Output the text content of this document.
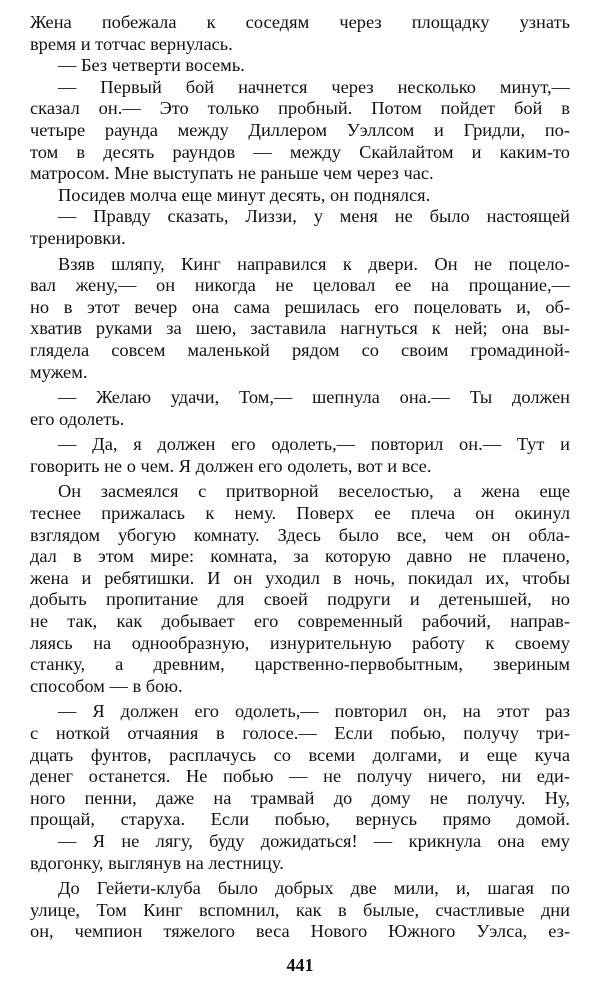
Жена побежала к соседям через площадку узнать
время и тотчас вернулась.
— Без четверти восемь.
— Первый бой начнется через несколько минут,—
сказал он.— Это только пробный. Потом пойдет бой в
четыре раунда между Диллером Уэллсом и Гридли, по-
том в десять раундов — между Скайлайтом и каким-то
матросом. Мне выступать не раньше чем через час.
Посидев молча еще минут десять, он поднялся.
— Правду сказать, Лиззи, у меня не было настоящей
тренировки.
Взяв шляпу, Кинг направился к двери. Он не поцело-
вал жену,— он никогда не целовал ее на прощание,—
но в этот вечер она сама решилась его поцеловать и, об-
хватив руками за шею, заставила нагнуться к ней; она вы-
глядела совсем маленькой рядом со своим громадиной-
мужем.
— Желаю удачи, Том,— шепнула она.— Ты должен
его одолеть.
— Да, я должен его одолеть,— повторил он.— Тут и
говорить не о чем. Я должен его одолеть, вот и все.
Он засмеялся с притворной веселостью, а жена еще
теснее прижалась к нему. Поверх ее плеча он окинул
взглядом убогую комнату. Здесь было все, чем он обла-
дал в этом мире: комната, за которую давно не плачено,
жена и ребятишки. И он уходил в ночь, покидал их, чтобы
добыть пропитание для своей подруги и детенышей, но
не так, как добывает его современный рабочий, направ-
ляясь на однообразную, изнурительную работу к своему
станку, а древним, царственно-первобытным, звериным
способом — в бою.
— Я должен его одолеть,— повторил он, на этот раз
с ноткой отчаяния в голосе.— Если побью, получу три-
дцать фунтов, расплачусь со всеми долгами, и еще куча
денег останется. Не побью — не получу ничего, ни еди-
ного пенни, даже на трамвай до дому не получу. Ну,
прощай, старуха. Если побью, вернусь прямо домой.
— Я не лягу, буду дожидаться! — крикнула она ему
вдогонку, выглянув на лестницу.
До Гейети-клуба было добрых две мили, и, шагая по
улице, Том Кинг вспомнил, как в былые, счастливые дни
он, чемпион тяжелого веса Нового Южного Уэлса, ез-
441
